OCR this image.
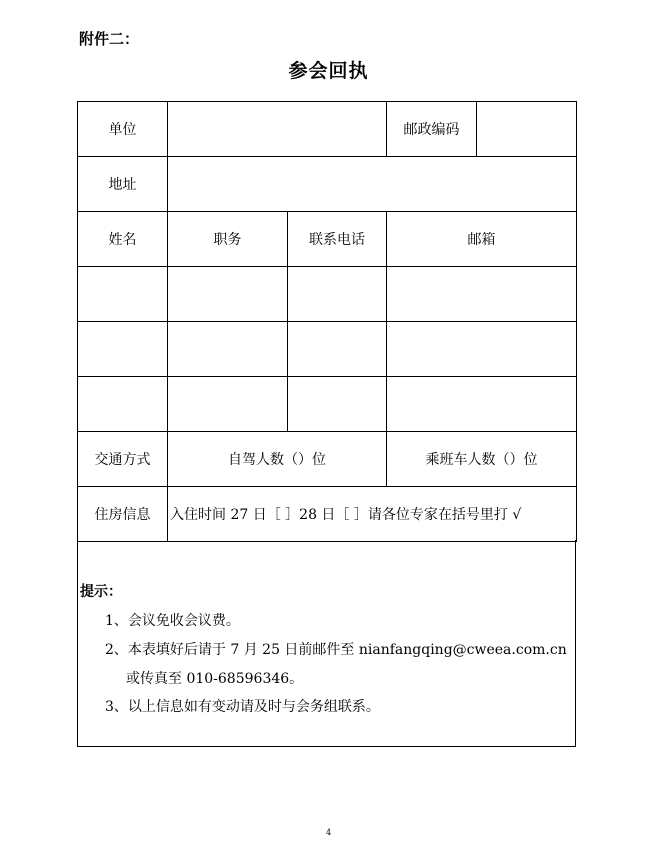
附件二：
参会回执
单位			邮政编码	
地址				
姓名	职务	联系电话	邮箱	

交通方式	自驾人数（）位		乘班车人数（）位	
住房信息	入住时间 27 日［ ］28 日［ ］请各位专家在括号里打 √			
提示：
1、会议免收会议费。
2、本表填好后请于 7 月 25 日前邮件至 nianfangqing@cweea.com.cn
或传真至 010-68596346。
3、以上信息如有变动请及时与会务组联系。
4
